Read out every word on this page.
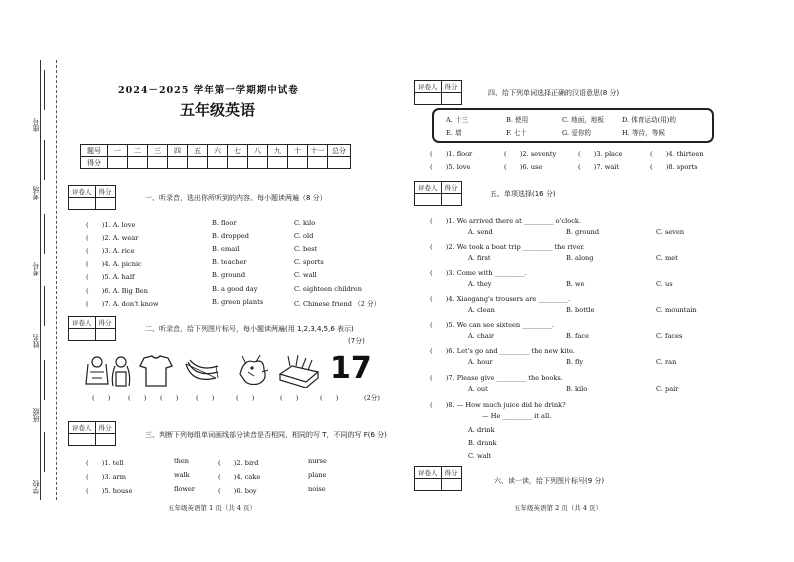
座号
考场
考号
姓名
班级
学校
2024－2025 学年第一学期期中试卷
五年级英语
题号	一	二	三	四	五	六	七	八	九	十	十一	总分
得分												
评卷人	得分

一、听录音，选出你所听到的内容。每小题读两遍（8 分）
(　　)1. A. love	B. floor	C. kilo
(　　)2. A. wear	B. dropped	C. old
(　　)3. A. rice	B. email	C. best
(　　)4. A. picnic	B. teacher	C. sports
(　　)5. A. half	B. ground	C. wall
(　　)6. A. Big Ben	B. a good day	C. eighteen children
(　　)7. A. don't know	B. green plants	C. Chinese friend （2 分）
评卷人	得分

二、听录音，给下列图片标号，每小题读两遍(用 1,2,3,4,5,6 表示)
(7分)
17
(　　)	(　　) (　　)	(　　)	(　　)	(　　)	(　　)	(2分)
评卷人	得分

三、判断下列每组单词画线部分读音是否相同，相同的写 T，不同的写 F(6 分)
(　　)1. tell	then	(　　)2. bird	nurse
(　　)3. arm	walk	(　　)4. cake	plane
(　　)5. house	flower	(　　)6. boy	noise
五年级英语第 1 页（共 4 页）
评卷人	得分

四、给下列单词选择正确的汉语意思(8 分)
A. 十三	B. 使用	C. 地面，地板	D. 体育运动(用)的
E. 墙	F. 七十	G. 爱你的	H. 等待，等候
(　　)1. floor	(　　)2. seventy	(　　)3. place	(　　)4. thirteen
(　　)5. love	(　　)6. use	(　　)7. wait	(　　)8. sports
评卷人	得分

五、单项选择(16 分)
(　　)1. We arrived there at _________ o'clock.
A. send	B. ground	C. seven
(　　)2. We took a boat trip _________ the river.
A. first	B. along	C. met
(　　)3. Come with _________.
A. they	B. we	C. us
(　　)4. Xiaogang's trousers are _________.
A. clean	B. bottle	C. mountain
(　　)5. We can see sixteen _________.
A. chair	B. face	C. faces
(　　)6. Let's go and _________ the new kite.
A. hour	B. fly	C. ran
(　　)7. Please give _________ the books.
A. out	B. kilo	C. pair
(　　)8. — How much juice did he drink?
— He _________ it all.
A. drink
B. drank
C. walt
评卷人	得分

六、读一读，给下列图片标号(9 分)
五年级英语第 2 页（共 4 页）
